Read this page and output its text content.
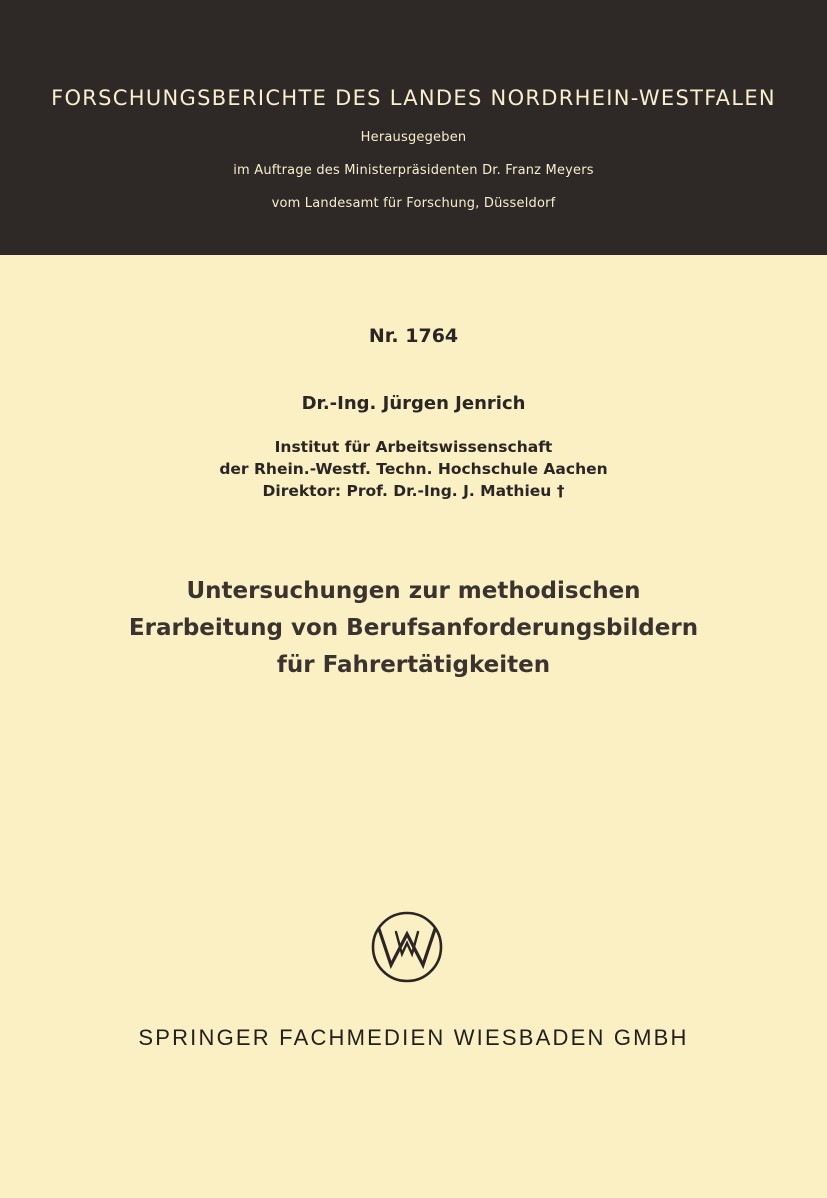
FORSCHUNGSBERICHTE DES LANDES NORDRHEIN-WESTFALEN
Herausgegeben
im Auftrage des Ministerpräsidenten Dr. Franz Meyers
vom Landesamt für Forschung, Düsseldorf
Nr. 1764
Dr.-Ing. Jürgen Jenrich
Institut für Arbeitswissenschaft
der Rhein.-Westf. Techn. Hochschule Aachen
Direktor: Prof. Dr.-Ing. J. Mathieu †
Untersuchungen zur methodischen
Erarbeitung von Berufsanforderungsbildern
für Fahrertätigkeiten
SPRINGER FACHMEDIEN WIESBADEN GMBH
